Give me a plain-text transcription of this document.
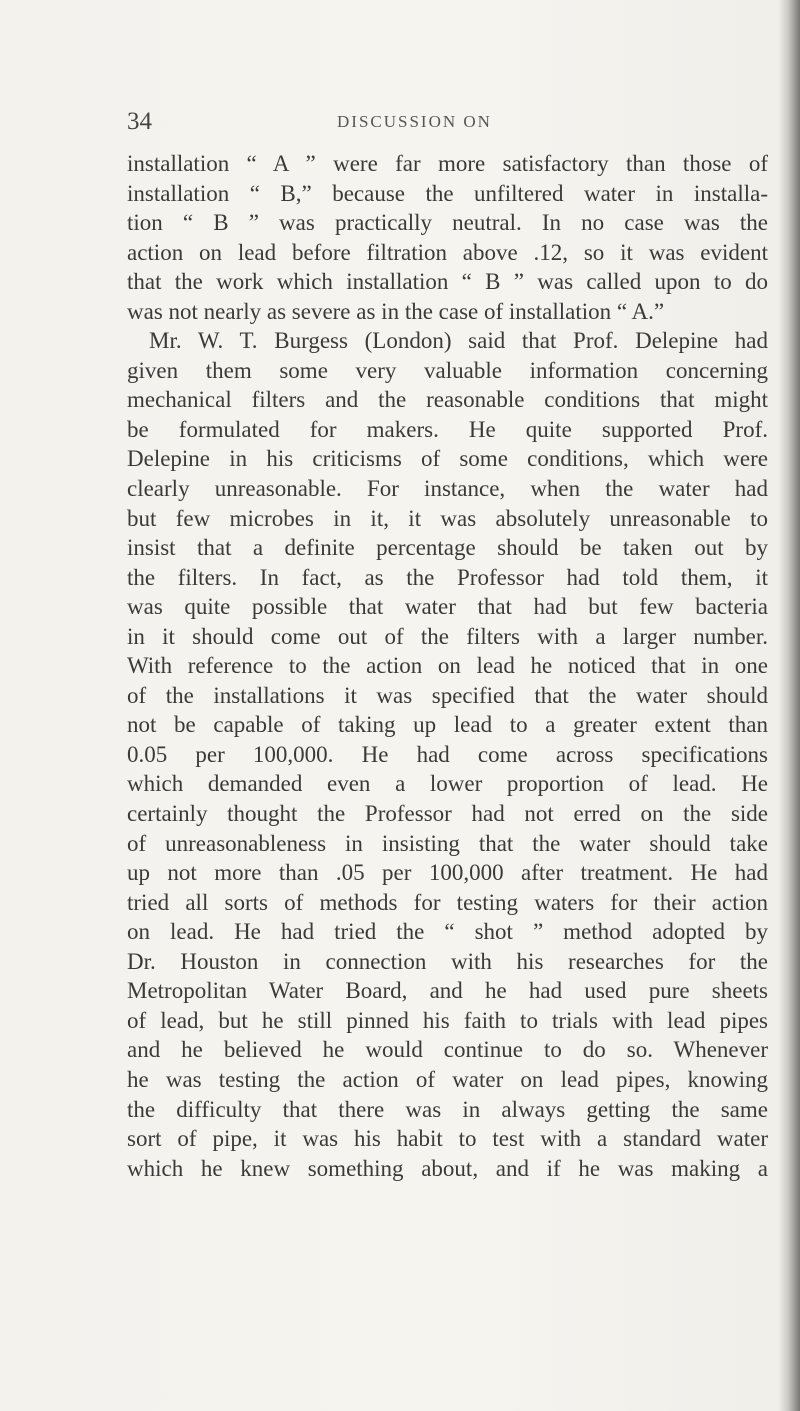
34	DISCUSSION ON
installation “ A ” were far more satisfactory than those of
installation “ B,” because the unfiltered water in installa-
tion “ B ” was practically neutral. In no case was the
action on lead before filtration above .12, so it was evident
that the work which installation “ B ” was called upon to do
was not nearly as severe as in the case of installation “ A.”
Mr. W. T. Burgess (London) said that Prof. Delepine had
given them some very valuable information concerning
mechanical filters and the reasonable conditions that might
be formulated for makers. He quite supported Prof.
Delepine in his criticisms of some conditions, which were
clearly unreasonable. For instance, when the water had
but few microbes in it, it was absolutely unreasonable to
insist that a definite percentage should be taken out by
the filters. In fact, as the Professor had told them, it
was quite possible that water that had but few bacteria
in it should come out of the filters with a larger number.
With reference to the action on lead he noticed that in one
of the installations it was specified that the water should
not be capable of taking up lead to a greater extent than
0.05 per 100,000. He had come across specifications
which demanded even a lower proportion of lead. He
certainly thought the Professor had not erred on the side
of unreasonableness in insisting that the water should take
up not more than .05 per 100,000 after treatment. He had
tried all sorts of methods for testing waters for their action
on lead. He had tried the “ shot ” method adopted by
Dr. Houston in connection with his researches for the
Metropolitan Water Board, and he had used pure sheets
of lead, but he still pinned his faith to trials with lead pipes
and he believed he would continue to do so. Whenever
he was testing the action of water on lead pipes, knowing
the difficulty that there was in always getting the same
sort of pipe, it was his habit to test with a standard water
which he knew something about, and if he was making a
